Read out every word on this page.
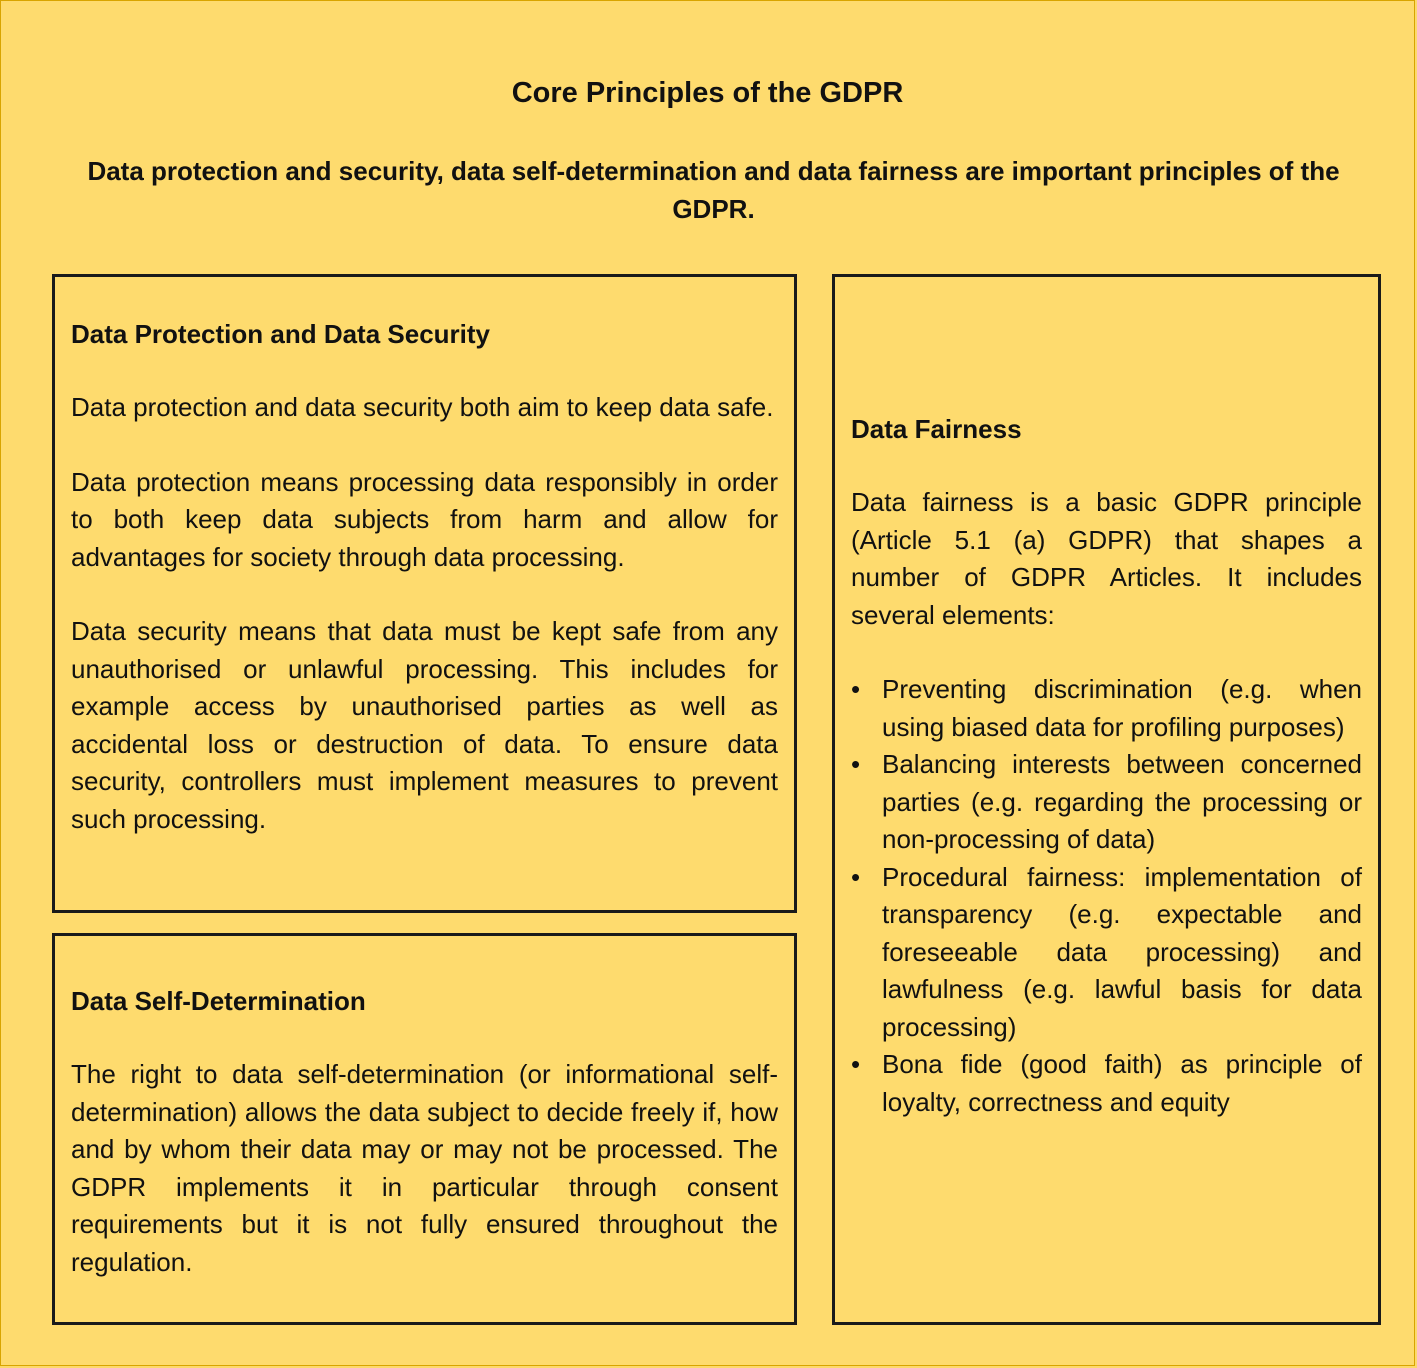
Core Principles of the GDPR
Data protection and security, data self-determination and data fairness are important principles of the GDPR.
Data Protection and Data Security
Data protection and data security both aim to keep data safe.
Data protection means processing data responsibly in order to both keep data subjects from harm and allow for advantages for society through data processing.
Data security means that data must be kept safe from any unauthorised or unlawful processing. This includes for example access by unauthorised parties as well as accidental loss or destruction of data. To ensure data security, controllers must implement measures to prevent such processing.
Data Self-Determination
The right to data self-determination (or informational self-determination) allows the data subject to decide freely if, how and by whom their data may or may not be processed. The GDPR implements it in particular through consent requirements but it is not fully ensured throughout the regulation.
Data Fairness
Data fairness is a basic GDPR principle (Article 5.1 (a) GDPR) that shapes a number of GDPR Articles. It includes several elements:
• Preventing discrimination (e.g. when using biased data for profiling purposes)
• Balancing interests between concerned parties (e.g. regarding the processing or non-processing of data)
• Procedural fairness: implementation of transparency (e.g. expectable and foreseeable data processing) and lawfulness (e.g. lawful basis for data processing)
• Bona fide (good faith) as principle of loyalty, correctness and equity
